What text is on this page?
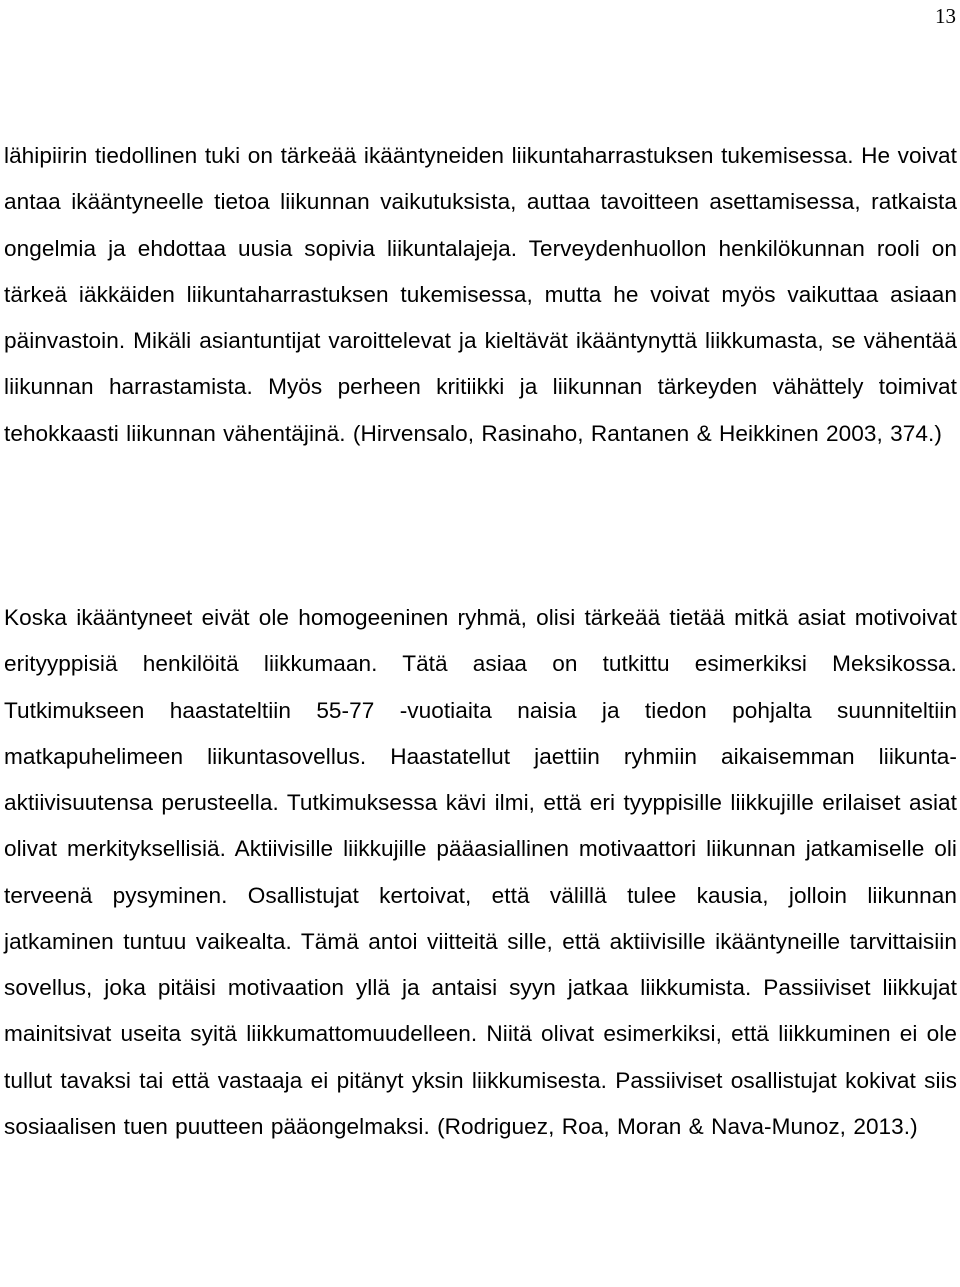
13

lähipiirin tiedollinen tuki on tärkeää ikääntyneiden liikuntaharrastuksen tukemisessa. He voivat antaa ikääntyneelle tietoa liikunnan vaikutuksista, auttaa tavoitteen asettamisessa, ratkaista ongelmia ja ehdottaa uusia sopivia liikuntalajeja. Terveydenhuollon henkilökunnan rooli on tärkeä iäkkäiden liikuntaharrastuksen tukemisessa, mutta he voivat myös vaikuttaa asiaan päinvastoin. Mikäli asiantuntijat varoittelevat ja kieltävät ikääntynyttä liikkumasta, se vähentää liikunnan harrastamista. Myös perheen kritiikki ja liikunnan tärkeyden vähättely toimivat tehokkaasti liikunnan vähentäjinä. (Hirvensalo, Rasinaho, Rantanen & Heikkinen 2003, 374.)

Koska ikääntyneet eivät ole homogeeninen ryhmä, olisi tärkeää tietää mitkä asiat motivoivat erityyppisiä henkilöitä liikkumaan. Tätä asiaa on tutkittu esimerkiksi Meksikossa. Tutkimukseen haastateltiin 55-77 -vuotiaita naisia ja tiedon pohjalta suunniteltiin matkapuhelimeen liikuntasovellus. Haastatellut jaettiin ryhmiin aikaisemman liikunta-aktiivisuutensa perusteella. Tutkimuksessa kävi ilmi, että eri tyyppisille liikkujille erilaiset asiat olivat merkityksellisiä. Aktiivisille liikkujille pääasiallinen motivaattori liikunnan jatkamiselle oli terveenä pysyminen. Osallistujat kertoivat, että välillä tulee kausia, jolloin liikunnan jatkaminen tuntuu vaikealta. Tämä antoi viitteitä sille, että aktiivisille ikääntyneille tarvittaisiin sovellus, joka pitäisi motivaation yllä ja antaisi syyn jatkaa liikkumista. Passiiviset liikkujat mainitsivat useita syitä liikkumattomuudelleen. Niitä olivat esimerkiksi, että liikkuminen ei ole tullut tavaksi tai että vastaaja ei pitänyt yksin liikkumisesta. Passiiviset osallistujat kokivat siis sosiaalisen tuen puutteen pääongelmaksi. (Rodriguez, Roa, Moran & Nava-Munoz, 2013.)
